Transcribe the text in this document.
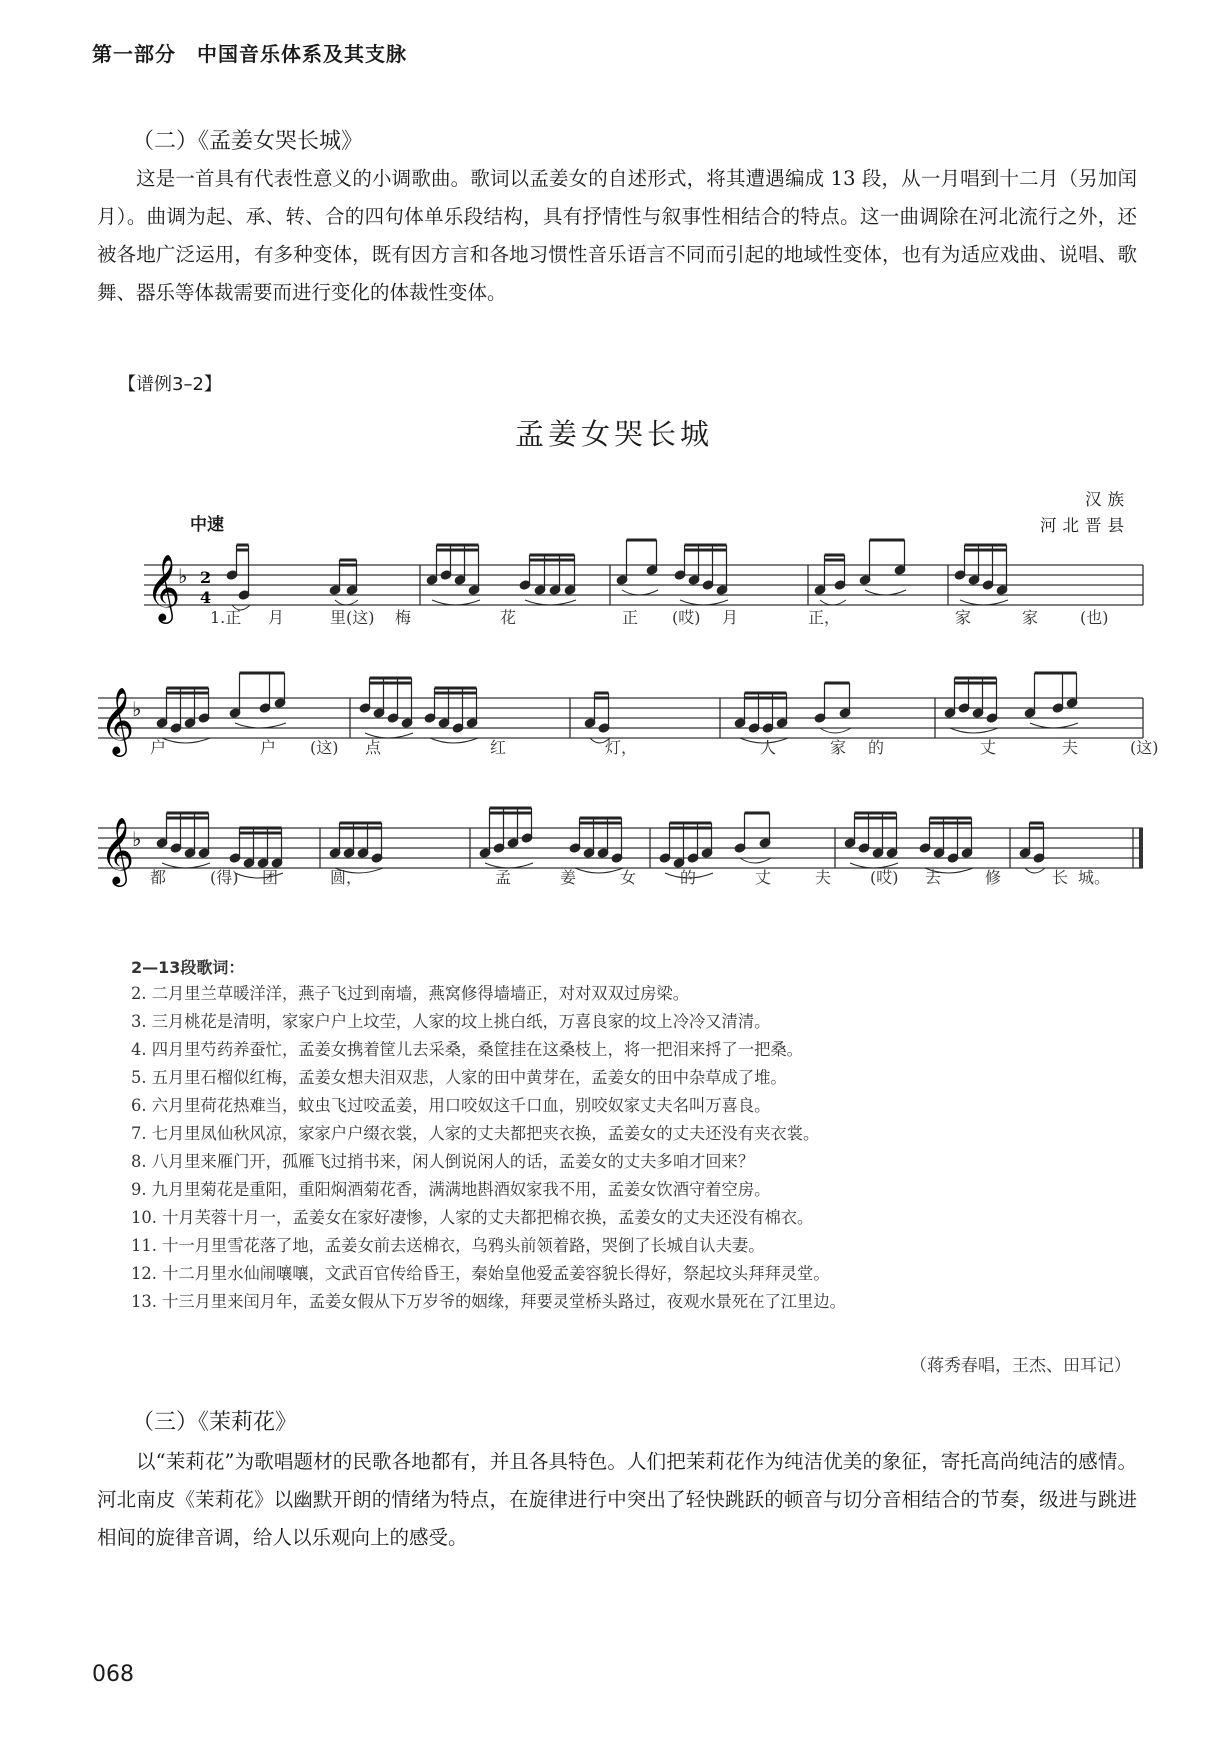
第一部分　中国音乐体系及其支脉
（二）《孟姜女哭长城》

这是一首具有代表性意义的小调歌曲。歌词以孟姜女的自述形式，将其遭遇编成 13 段，从一月唱到十二月（另加闰月）。曲调为起、承、转、合的四句体单乐段结构，具有抒情性与叙事性相结合的特点。这一曲调除在河北流行之外，还被各地广泛运用，有多种变体，既有因方言和各地习惯性音乐语言不同而引起的地域性变体，也有为适应戏曲、说唱、歌舞、器乐等体裁需要而进行变化的体裁性变体。

【谱例3–2】
孟姜女哭长城
汉族
河北晋县
中速
𝄞
♭ 2
4
1.正 月	里(这) 梅	花	正 (哎) 月	正，	家	家	(也)
𝄞
♭
户	户 (这) 点	红	灯，	人	家 的	丈	夫	(这)
𝄞
♭
都	(得) 团	圆，	孟	姜	女	的	丈	夫 (哎) 去	修	长 城。
2—13段歌词：
2. 二月里兰草暖洋洋，燕子飞过到南墙，燕窝修得墙墙正，对对双双过房梁。
3. 三月桃花是清明，家家户户上坟茔，人家的坟上挑白纸，万喜良家的坟上冷冷又清清。
4. 四月里芍药养蚕忙，孟姜女携着筐儿去采桑，桑筐挂在这桑枝上，将一把泪来捋了一把桑。
5. 五月里石榴似红梅，孟姜女想夫泪双悲，人家的田中黄芽在，孟姜女的田中杂草成了堆。
6. 六月里荷花热难当，蚊虫飞过咬孟姜，用口咬奴这千口血，别咬奴家丈夫名叫万喜良。
7. 七月里凤仙秋风凉，家家户户缀衣裳，人家的丈夫都把夹衣换，孟姜女的丈夫还没有夹衣裳。
8. 八月里来雁门开，孤雁飞过捎书来，闲人倒说闲人的话，孟姜女的丈夫多咱才回来？
9. 九月里菊花是重阳，重阳焖酒菊花香，满满地斟酒奴家我不用，孟姜女饮酒守着空房。
10. 十月芙蓉十月一，孟姜女在家好凄惨，人家的丈夫都把棉衣换，孟姜女的丈夫还没有棉衣。
11. 十一月里雪花落了地，孟姜女前去送棉衣，乌鸦头前领着路，哭倒了长城自认夫妻。
12. 十二月里水仙闹嚷嚷，文武百官传给昏王，秦始皇他爱孟姜容貌长得好，祭起坟头拜拜灵堂。
13. 十三月里来闰月年，孟姜女假从下万岁爷的姻缘，拜要灵堂桥头路过，夜观水景死在了江里边。
（蒋秀春唱，王杰、田耳记）
（三）《茉莉花》

以“茉莉花”为歌唱题材的民歌各地都有，并且各具特色。人们把茉莉花作为纯洁优美的象征，寄托高尚纯洁的感情。河北南皮《茉莉花》以幽默开朗的情绪为特点，在旋律进行中突出了轻快跳跃的顿音与切分音相结合的节奏，级进与跳进相间的旋律音调，给人以乐观向上的感受。

068
